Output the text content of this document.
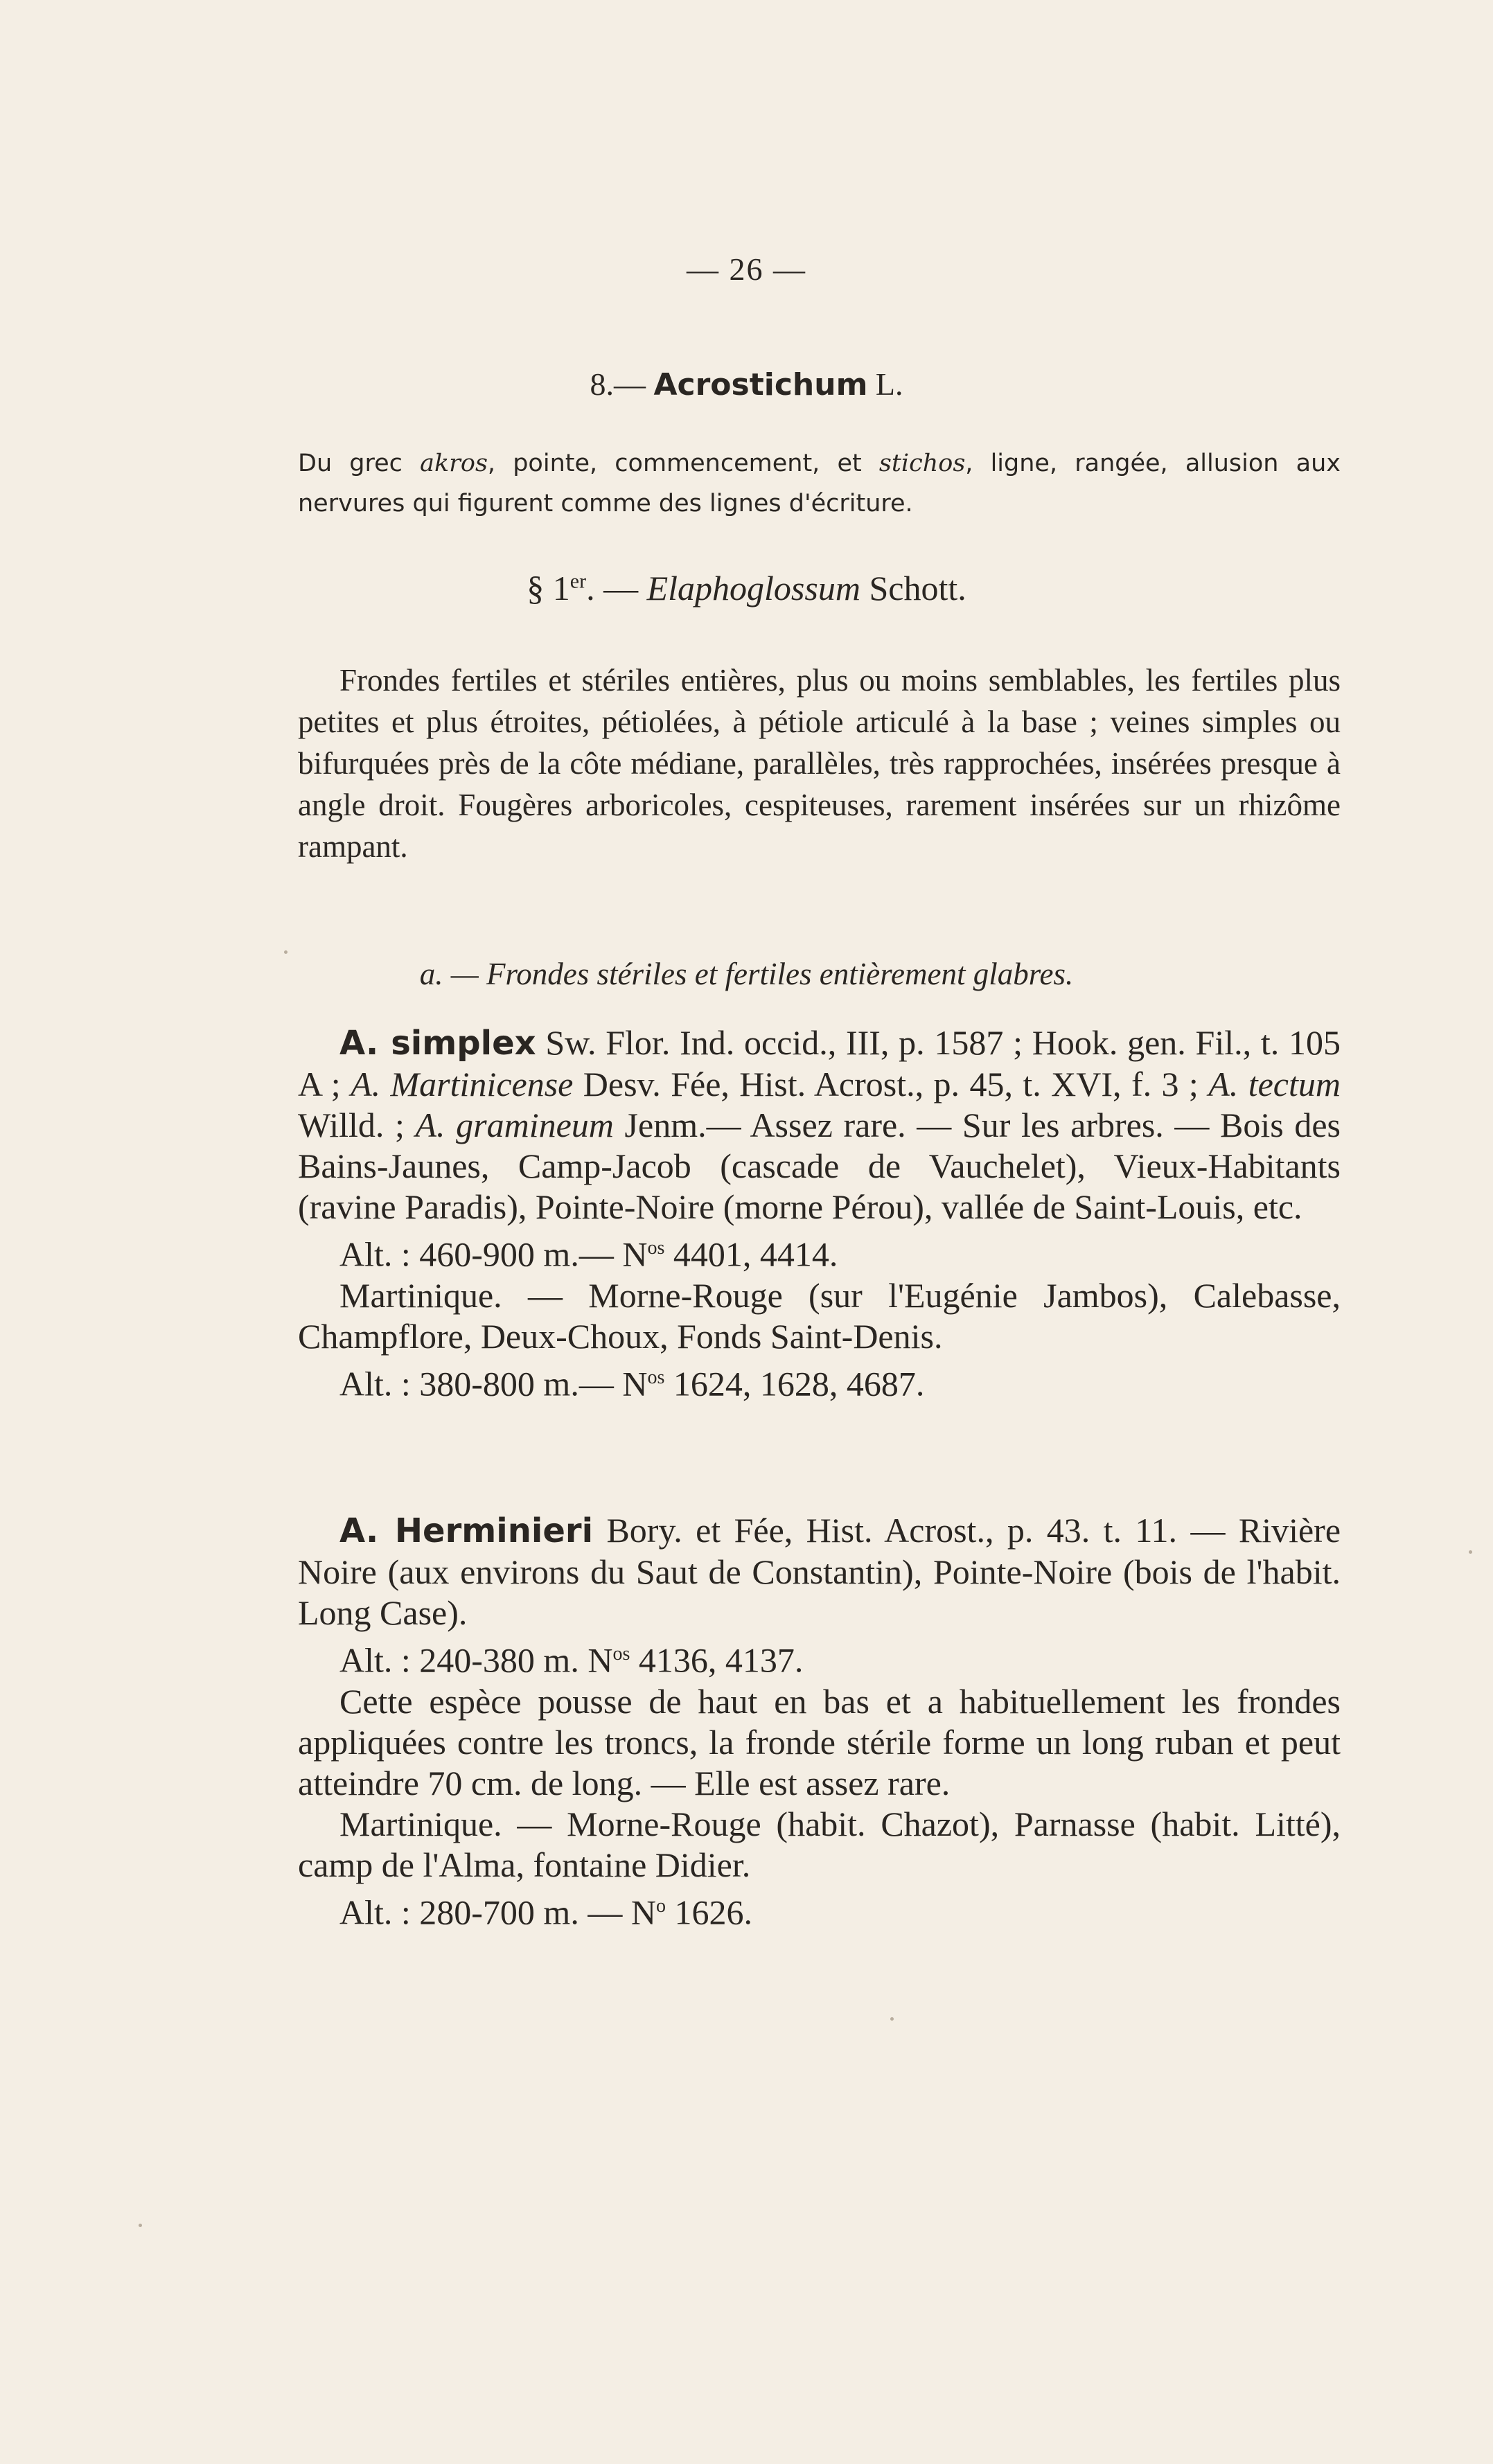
— 26 —
8.— Acrostichum L.

Du grec akros, pointe, commencement, et stichos, ligne, rangée, allusion aux nervures qui figurent comme des lignes d'écriture.

§ 1er. — Elaphoglossum Schott.

Frondes fertiles et stériles entières, plus ou moins semblables, les fertiles plus petites et plus étroites, pétiolées, à pétiole articulé à la base ; veines simples ou bifurquées près de la côte médiane, parallèles, très rapprochées, insérées presque à angle droit. Fougères arboricoles, cespiteuses, rarement insérées sur un rhizôme rampant.

a. — Frondes stériles et fertiles entièrement glabres.

A. simplex Sw. Flor. Ind. occid., III, p. 1587 ; Hook. gen. Fil., t. 105 A ; A. Martinicense Desv. Fée, Hist. Acrost., p. 45, t. XVI, f. 3 ; A. tectum Willd. ; A. gramineum Jenm.— Assez rare. — Sur les arbres. — Bois des Bains-Jaunes, Camp-Jacob (cascade de Vauchelet), Vieux-Habitants (ravine Paradis), Pointe-Noire (morne Pérou), vallée de Saint-Louis, etc.

Alt. : 460-900 m.— $N^{os}$ 4401, 4414.

Martinique. — Morne-Rouge (sur l'Eugénie Jambos), Calebasse, Champflore, Deux-Choux, Fonds Saint-Denis.

Alt. : 380-800 m.— $N^{os}$ 1624, 1628, 4687.

A. Herminieri Bory. et Fée, Hist. Acrost., p. 43. t. 11. — Rivière Noire (aux environs du Saut de Constantin), Pointe-Noire (bois de l'habit. Long Case).

Alt. : 240-380 m. $N^{os}$ 4136, 4137.

Cette espèce pousse de haut en bas et a habituellement les frondes appliquées contre les troncs, la fronde stérile forme un long ruban et peut atteindre 70 cm. de long. — Elle est assez rare.

Martinique. — Morne-Rouge (habit. Chazot), Parnasse (habit. Litté), camp de l'Alma, fontaine Didier.

Alt. : 280-700 m. — $N^o$ 1626.
